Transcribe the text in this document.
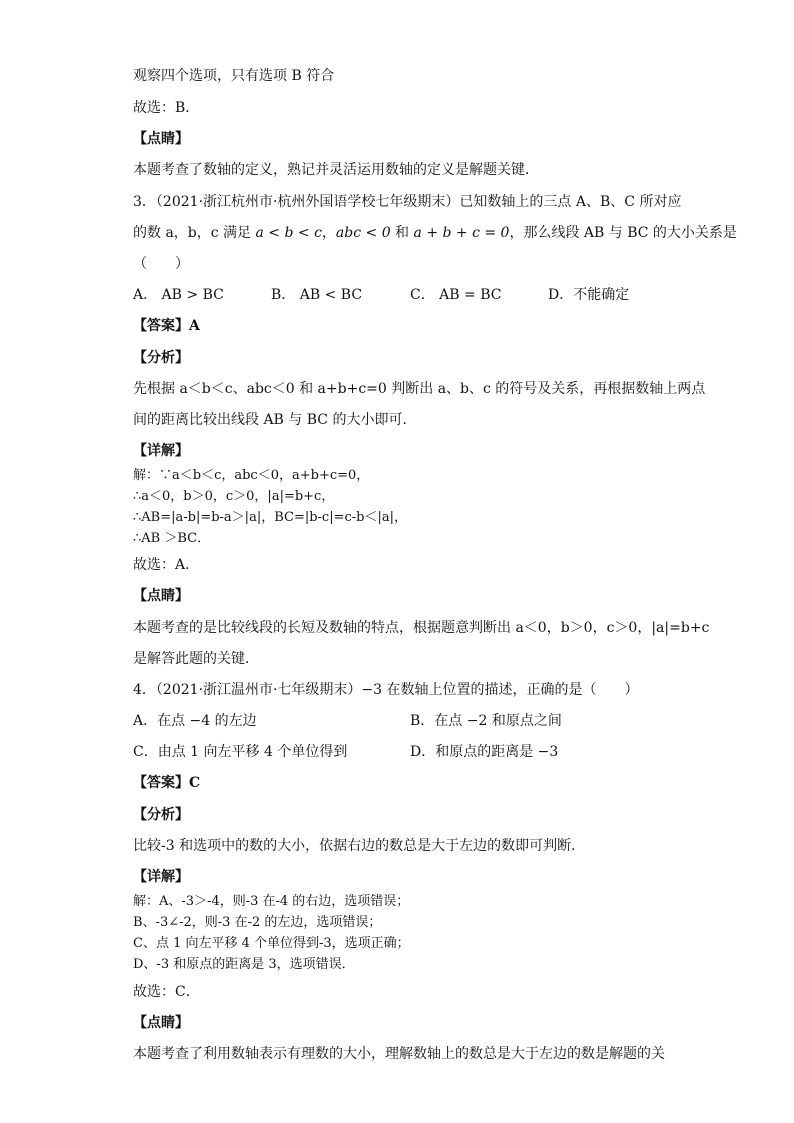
观察四个选项，只有选项 B 符合
故选：B．
【点睛】
本题考查了数轴的定义，熟记并灵活运用数轴的定义是解题关键．
3．（2021·浙江杭州市·杭州外国语学校七年级期末）已知数轴上的三点 A、B、C 所对应
的数 a，b，c 满足 a < b < c，abc < 0 和 a + b + c = 0，那么线段 AB 与 BC 的大小关系是
（　　）
A． AB > BC	B． AB < BC	C． AB = BC	D．不能确定
【答案】A
【分析】
先根据 a＜b＜c、abc＜0 和 a+b+c=0 判断出 a、b、c 的符号及关系，再根据数轴上两点
间的距离比较出线段 AB 与 BC 的大小即可．
【详解】
解：∵a＜b＜c，abc＜0，a+b+c=0，
∴a＜0，b＞0，c＞0，|a|=b+c，
∴AB=|a-b|=b-a＞|a|，BC=|b-c|=c-b＜|a|，
∴AB ＞BC．
故选：A．
【点睛】
本题考查的是比较线段的长短及数轴的特点，根据题意判断出 a＜0，b＞0，c＞0，|a|=b+c
是解答此题的关键．
4．（2021·浙江温州市·七年级期末）−3 在数轴上位置的描述，正确的是（　　）
A．在点 −4 的左边	B．在点 −2 和原点之间
C．由点 1 向左平移 4 个单位得到	D．和原点的距离是 −3
【答案】C
【分析】
比较-3 和选项中的数的大小，依据右边的数总是大于左边的数即可判断．
【详解】
解：A、-3＞-4，则-3 在-4 的右边，选项错误；
B、-3∠-2，则-3 在-2 的左边，选项错误；
C、点 1 向左平移 4 个单位得到-3，选项正确；
D、-3 和原点的距离是 3，选项错误．
故选：C．
【点睛】
本题考查了利用数轴表示有理数的大小，理解数轴上的数总是大于左边的数是解题的关
